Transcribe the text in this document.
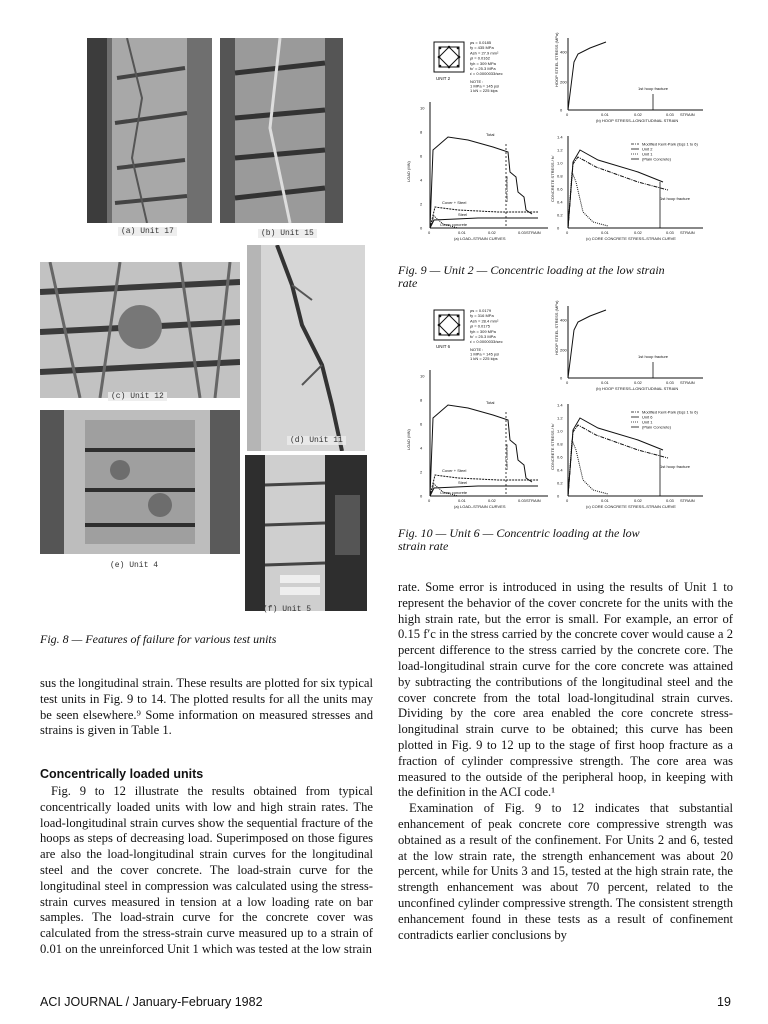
(a) Unit 17	(b) Unit 15
(c) Unit 12
(d) Unit 11
(e) Unit 4
(f) Unit 5
Fig. 8 — Features of failure for various test units

sus the longitudinal strain. These results are plotted for six typical test units in Fig. 9 to 14. The plotted results for all the units may be seen elsewhere.⁹ Some information on measured stresses and strains is given in Table 1.

Concentrically loaded units

Fig. 9 to 12 illustrate the results obtained from typical concentrically loaded units with low and high strain rates. The load-longitudinal strain curves show the sequential fracture of the hoops as steps of decreasing load. Superimposed on those figures are also the load-longitudinal strain curves for the longitudinal steel and the cover concrete. The load-strain curve for the longitudinal steel in compression was calculated using the stress-strain curves measured in tension at a low loading rate on bar samples. The load-strain curve for the concrete cover was calculated from the stress-strain curve measured up to a strain of 0.01 on the unreinforced Unit 1 which was tested at the low strain

UNIT 2
ρs = 0.0185
fy = 435 MPa
Ash = 27.9 mm²
ρl = 0.0162
fyh = 309 MPa
fc' = 25.3 MPa
ε̇ = 0.0000033/sec
NOTE :
1 MPa = 145 psi
1 kN = 225 kips
HOOP STEEL STRESS (MPa)
0
200
400
1st hoop fracture
0	0.01	0.02	0.03 STRAIN
(b) HOOP STRESS–LONGITUDINAL STRAIN
LOAD (MN)
0
2
4
6
8
10
Total
Cover + Steel
Steel
Cover concrete
Core Concrete
0	0.01	0.02	0.03 STRAIN
(a) LOAD–STRAIN CURVES
CONCRETE STRESS / fc'
0
0.2
0.4
0.6
0.8
1.0
1.2
1.4
1st hoop fracture
Modified Kent-Park (Eqs 1 to 6)
Unit 2
Unit 1
(Plain Concrete)
0	0.01	0.02	0.03 STRAIN
(c) CORE CONCRETE STRESS–STRAIN CURVE
Fig. 9 — Unit 2 — Concentric loading at the low strain
rate
UNIT 6
ρs = 0.0179
fy = 316 MPa
Ash = 28.4 mm²
ρl = 0.0175
fyh = 309 MPa
fc' = 25.3 MPa
ε̇ = 0.0000033/sec
NOTE :
1 MPa = 145 psi
1 kN = 225 kips
HOOP STEEL STRESS (MPa)
0
200
400
1st hoop fracture
0	0.01	0.02	0.03 STRAIN
(b) HOOP STRESS–LONGITUDINAL STRAIN
LOAD (MN)
0
2
4
6
8
10
Total
Cover + Steel
Steel
Cover concrete
Core Concrete
0	0.01	0.02	0.03 STRAIN
(a) LOAD–STRAIN CURVES
CONCRETE STRESS / fc'
0
0.2
0.4
0.6
0.8
1.0
1.2
1.4
1st hoop fracture
Modified Kent-Park (Eqs 1 to 6)
Unit 6
Unit 1
(Plain Concrete)
0	0.01	0.02	0.03 STRAIN
(c) CORE CONCRETE STRESS–STRAIN CURVE
Fig. 10 — Unit 6 — Concentric loading at the low
strain rate

rate. Some error is introduced in using the results of Unit 1 to represent the behavior of the cover concrete for the units with the high strain rate, but the error is small. For example, an error of 0.15 f′c in the stress carried by the concrete cover would cause a 2 percent difference to the stress carried by the concrete core. The load-longitudinal strain curve for the core concrete was attained by subtracting the contributions of the longitudinal steel and the cover concrete from the total load-longitudinal strain curves. Dividing by the core area enabled the core concrete stress-longitudinal strain curve to be obtained; this curve has been plotted in Fig. 9 to 12 up to the stage of first hoop fracture as a fraction of cylinder compressive strength. The core area was measured to the outside of the peripheral hoop, in keeping with the definition in the ACI code.¹

Examination of Fig. 9 to 12 indicates that substantial enhancement of peak concrete core compressive strength was obtained as a result of the confinement. For Units 2 and 6, tested at the low strain rate, the strength enhancement was about 20 percent, while for Units 3 and 15, tested at the high strain rate, the strength enhancement was about 70 percent, related to the unconfined cylinder compressive strength. The consistent strength enhancement found in these tests as a result of confinement contradicts earlier conclusions by

ACI JOURNAL / January-February 1982	19
